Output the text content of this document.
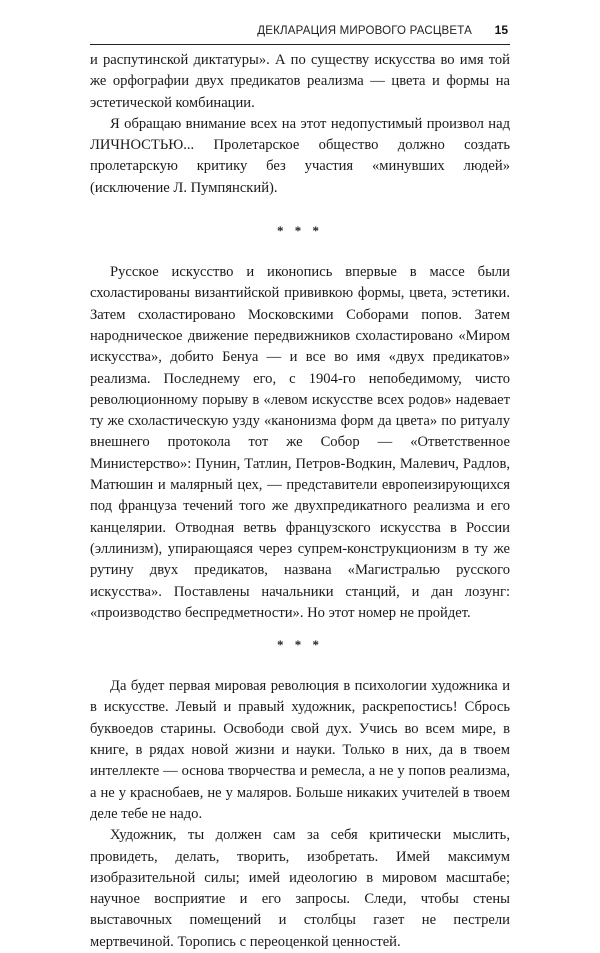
ДЕКЛАРАЦИЯ МИРОВОГО РАСЦВЕТА 15

и распутинской диктатуры». А по существу искусства во имя той же орфографии двух предикатов реализма — цвета и формы на эстетической комбинации.

Я обращаю внимание всех на этот недопустимый произвол над ЛИЧНОСТЬЮ... Пролетарское общество должно создать пролетарскую критику без участия «минувших людей» (исключение Л. Пумпянский).

* * *

Русское искусство и иконопись впервые в массе были схоластированы византийской прививкою формы, цвета, эстетики. Затем схоластировано Московскими Соборами попов. Затем народническое движение передвижников схоластировано «Миром искусства», добито Бенуа — и все во имя «двух предикатов» реализма. Последнему его, с 1904-го непобедимому, чисто революционному порыву в «левом искусстве всех родов» надевает ту же схоластическую узду «канонизма форм да цвета» по ритуалу внешнего протокола тот же Собор — «Ответственное Министерство»: Пунин, Татлин, Петров-Водкин, Малевич, Радлов, Матюшин и малярный цех, — представители европеизирующихся под француза течений того же двухпредикатного реализма и его канцелярии. Отводная ветвь французского искусства в России (эллинизм), упирающаяся через супрем-конструкционизм в ту же рутину двух предикатов, названа «Магистралью русского искусства». Поставлены начальники станций, и дан лозунг: «производство беспредметности». Но этот номер не пройдет.

* * *

Да будет первая мировая революция в психологии художника и в искусстве. Левый и правый художник, раскрепостись! Сбрось буквоедов старины. Освободи свой дух. Учись во всем мире, в книге, в рядах новой жизни и науки. Только в них, да в твоем интеллекте — основа творчества и ремесла, а не у попов реализма, а не у краснобаев, не у маляров. Больше никаких учителей в твоем деле тебе не надо.

Художник, ты должен сам за себя критически мыслить, провидеть, делать, творить, изобретать. Имей максимум изобразительной силы; имей идеологию в мировом масштабе; научное восприятие и его запросы. Следи, чтобы стены выставочных помещений и столбцы газет не пестрели мертвечиной. Торопись с переоценкой ценностей.
